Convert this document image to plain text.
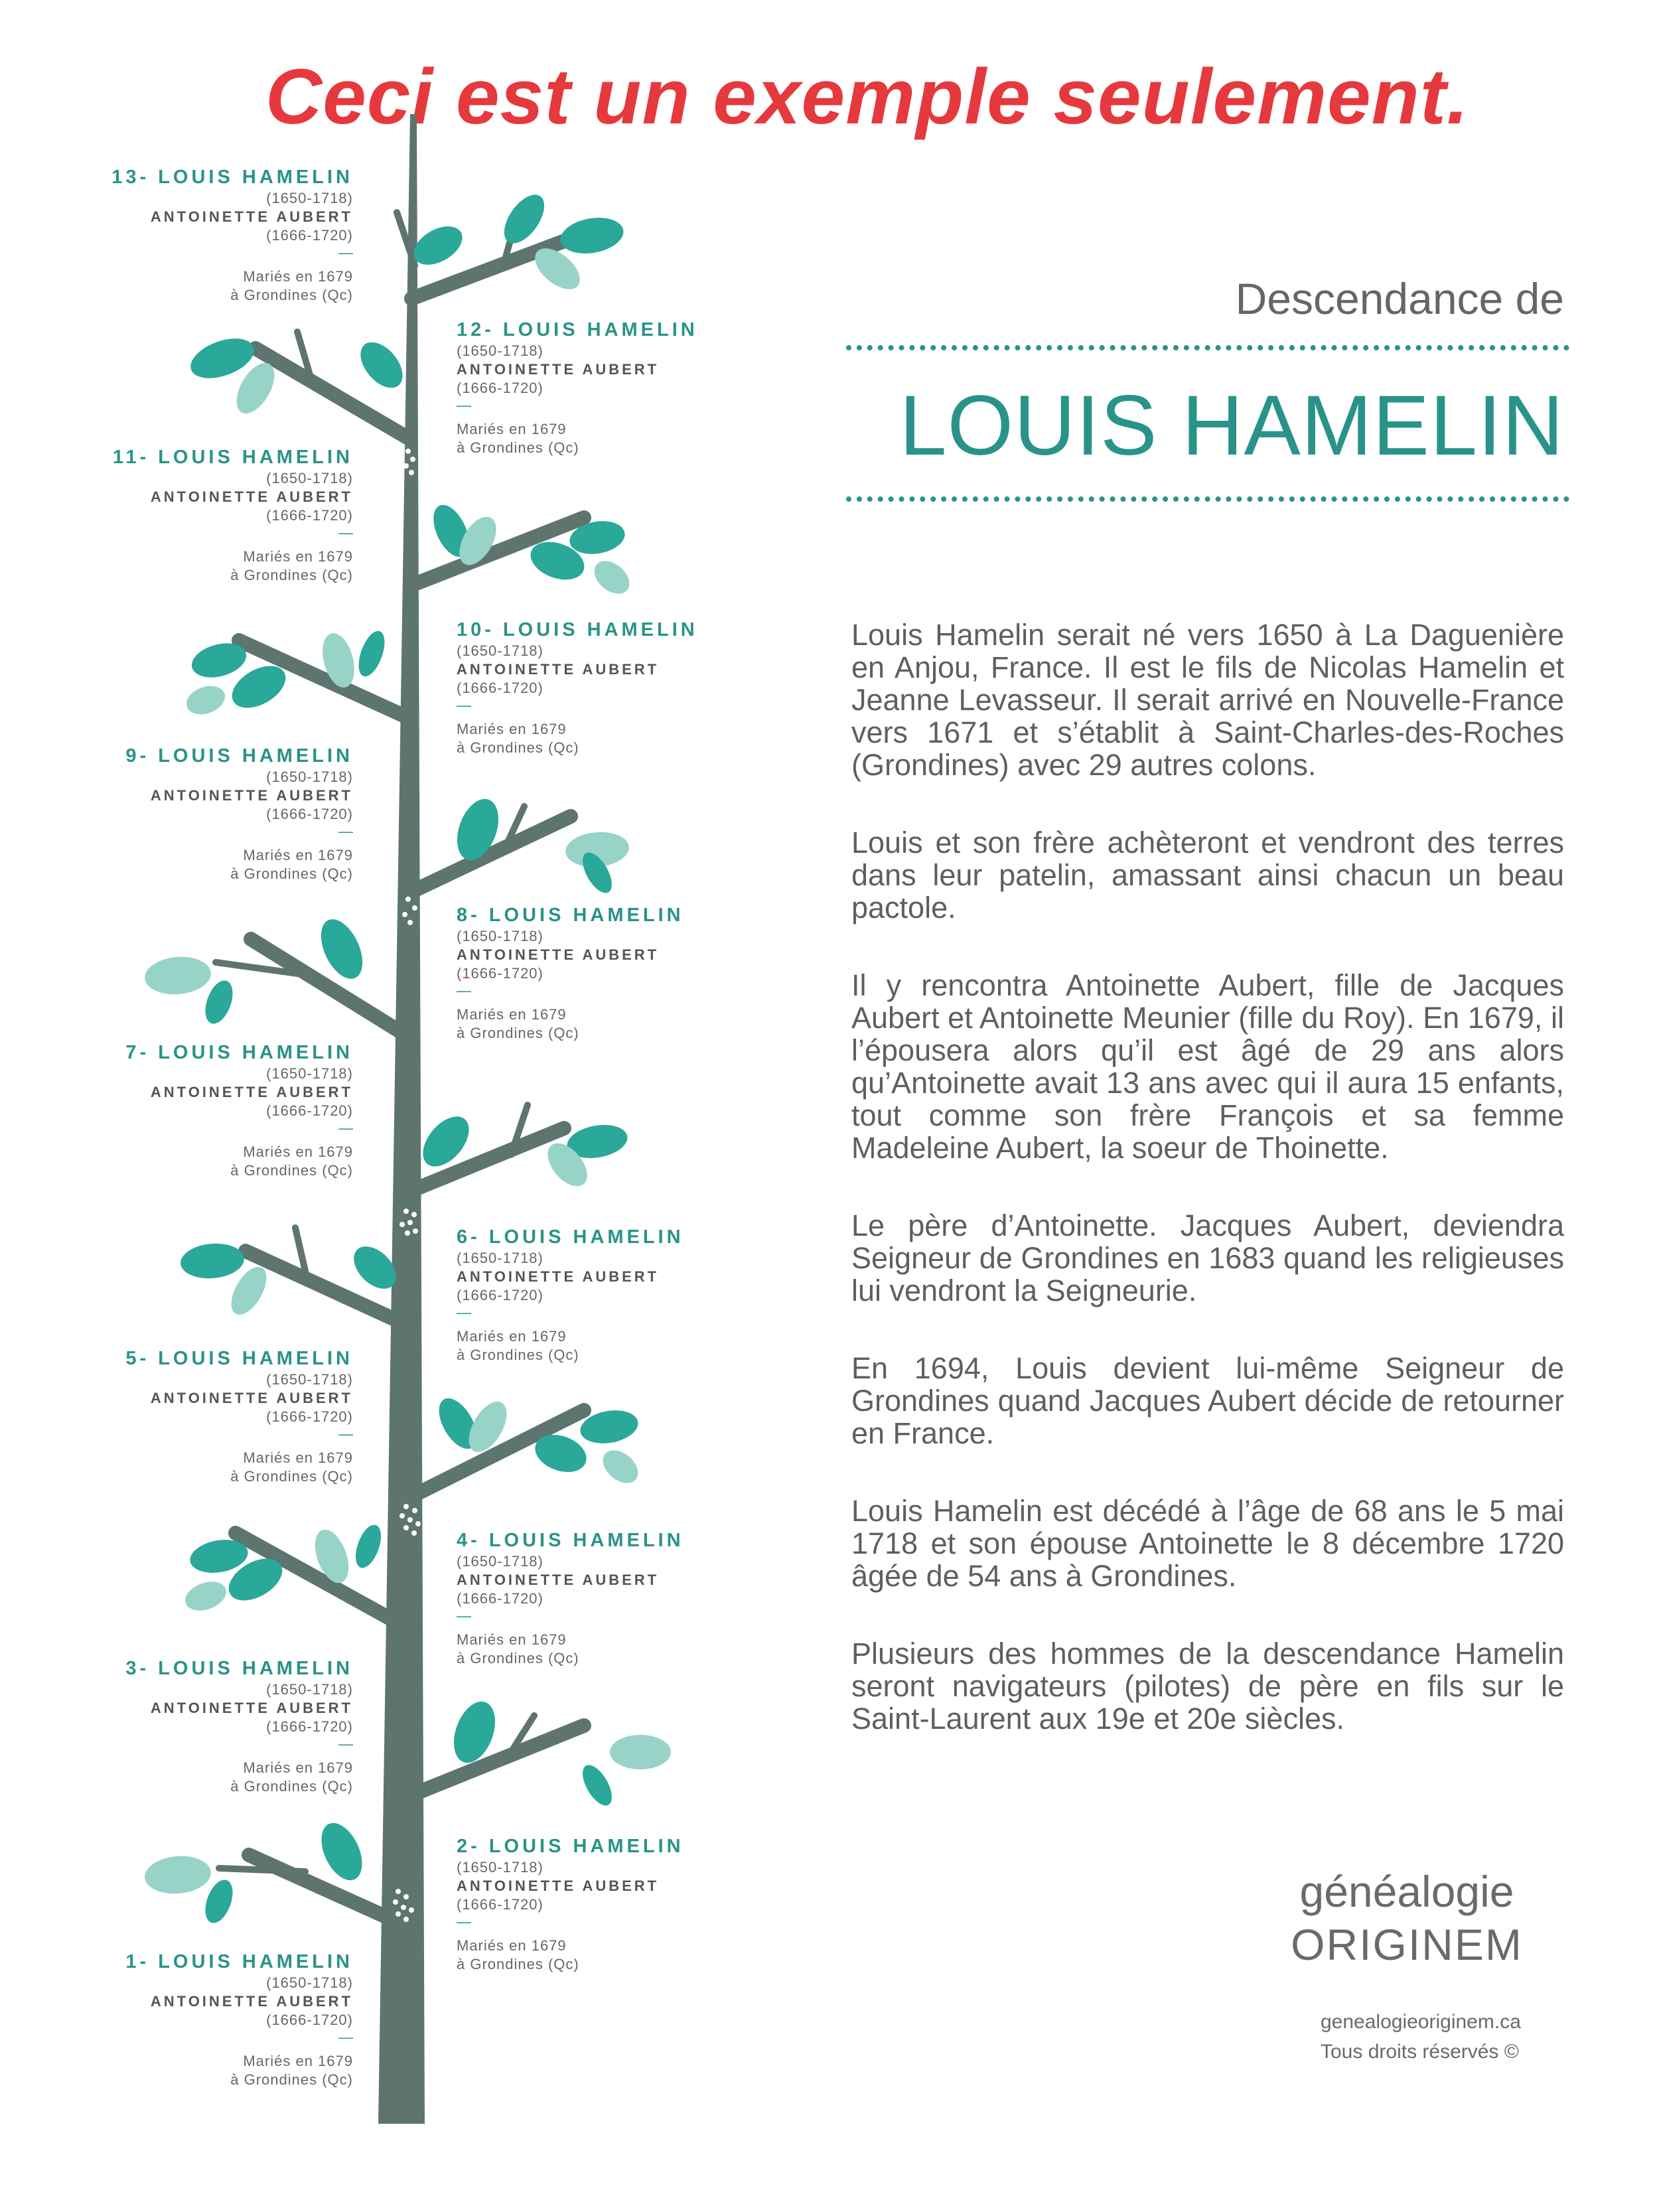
Ceci est un exemple seulement.
13- LOUIS HAMELIN
(1650-1718)
ANTOINETTE AUBERT
(1666-1720)
—
Mariés en 1679
à Grondines (Qc)
12- LOUIS HAMELIN
(1650-1718)
ANTOINETTE AUBERT
(1666-1720)
—
Mariés en 1679
à Grondines (Qc)
11- LOUIS HAMELIN
(1650-1718)
ANTOINETTE AUBERT
(1666-1720)
—
Mariés en 1679
à Grondines (Qc)
10- LOUIS HAMELIN
(1650-1718)
ANTOINETTE AUBERT
(1666-1720)
—
Mariés en 1679
à Grondines (Qc)
9- LOUIS HAMELIN
(1650-1718)
ANTOINETTE AUBERT
(1666-1720)
—
Mariés en 1679
à Grondines (Qc)
8- LOUIS HAMELIN
(1650-1718)
ANTOINETTE AUBERT
(1666-1720)
—
Mariés en 1679
à Grondines (Qc)
7- LOUIS HAMELIN
(1650-1718)
ANTOINETTE AUBERT
(1666-1720)
—
Mariés en 1679
à Grondines (Qc)
6- LOUIS HAMELIN
(1650-1718)
ANTOINETTE AUBERT
(1666-1720)
—
Mariés en 1679
à Grondines (Qc)
5- LOUIS HAMELIN
(1650-1718)
ANTOINETTE AUBERT
(1666-1720)
—
Mariés en 1679
à Grondines (Qc)
4- LOUIS HAMELIN
(1650-1718)
ANTOINETTE AUBERT
(1666-1720)
—
Mariés en 1679
à Grondines (Qc)
3- LOUIS HAMELIN
(1650-1718)
ANTOINETTE AUBERT
(1666-1720)
—
Mariés en 1679
à Grondines (Qc)
2- LOUIS HAMELIN
(1650-1718)
ANTOINETTE AUBERT
(1666-1720)
—
Mariés en 1679
à Grondines (Qc)
1- LOUIS HAMELIN
(1650-1718)
ANTOINETTE AUBERT
(1666-1720)
—
Mariés en 1679
à Grondines (Qc)
Descendance de
LOUIS HAMELIN

Louis Hamelin serait né vers 1650 à La Daguenière en Anjou, France. Il est le fils de Nicolas Hamelin et Jeanne Levasseur. Il serait arrivé en Nouvelle-France vers 1671 et s’établit à Saint-Charles-des-Roches (Grondines) avec 29 autres colons.

Louis et son frère achèteront et vendront des terres dans leur patelin, amassant ainsi chacun un beau pactole.

Il y rencontra Antoinette Aubert, fille de Jacques Aubert et Antoinette Meunier (fille du Roy). En 1679, il l’épousera alors qu’il est âgé de 29 ans alors qu’Antoinette avait 13 ans avec qui il aura 15 enfants, tout comme son frère François et sa femme Madeleine Aubert, la soeur de Thoinette.

Le père d’Antoinette. Jacques Aubert, deviendra Seigneur de Grondines en 1683 quand les religieuses lui vendront la Seigneurie.

En 1694, Louis devient lui-même Seigneur de Grondines quand Jacques Aubert décide de retourner en France.

Louis Hamelin est décédé à l’âge de 68 ans le 5 mai 1718 et son épouse Antoinette le 8 décembre 1720 âgée de 54 ans à Grondines.

Plusieurs des hommes de la descendance Hamelin seront navigateurs (pilotes) de père en fils sur le Saint-Laurent aux 19e et 20e siècles.

généalogie
ORIGINEM
genealogieoriginem.ca
Tous droits réservés ©
